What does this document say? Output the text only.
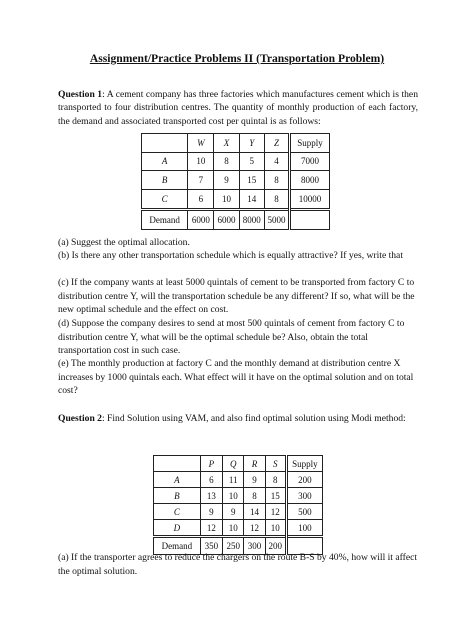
Assignment/Practice Problems II (Transportation Problem)
Question 1: A cement company has three factories which manufactures cement which is then transported to four distribution centres. The quantity of monthly production of each factory, the demand and associated transported cost per quintal is as follows:
	W	X	Y	Z	Supply
A	10	8	5	4	7000
B	7	9	15	8	8000
C	6	10	14	8	10000
Demand	6000	6000	8000	5000	
(a) Suggest the optimal allocation.
(b) Is there any other transportation schedule which is equally attractive? If yes, write that
(c) If the company wants at least 5000 quintals of cement to be transported from factory C to distribution centre Y, will the transportation schedule be any different? If so, what will be the new optimal schedule and the effect on cost.
(d) Suppose the company desires to send at most 500 quintals of cement from factory C to distribution centre Y, what will be the optimal schedule be? Also, obtain the total transportation cost in such case.
(e) The monthly production at factory C and the monthly demand at distribution centre X increases by 1000 quintals each. What effect will it have on the optimal solution and on total cost?
Question 2: Find Solution using VAM, and also find optimal solution using Modi method:
	P	Q	R	S	Supply
A	6	11	9	8	200
B	13	10	8	15	300
C	9	9	14	12	500
D	12	10	12	10	100
Demand	350	250	300	200	
(a) If the transporter agrees to reduce the chargers on the route B-S by 40%, how will it affect the optimal solution.
